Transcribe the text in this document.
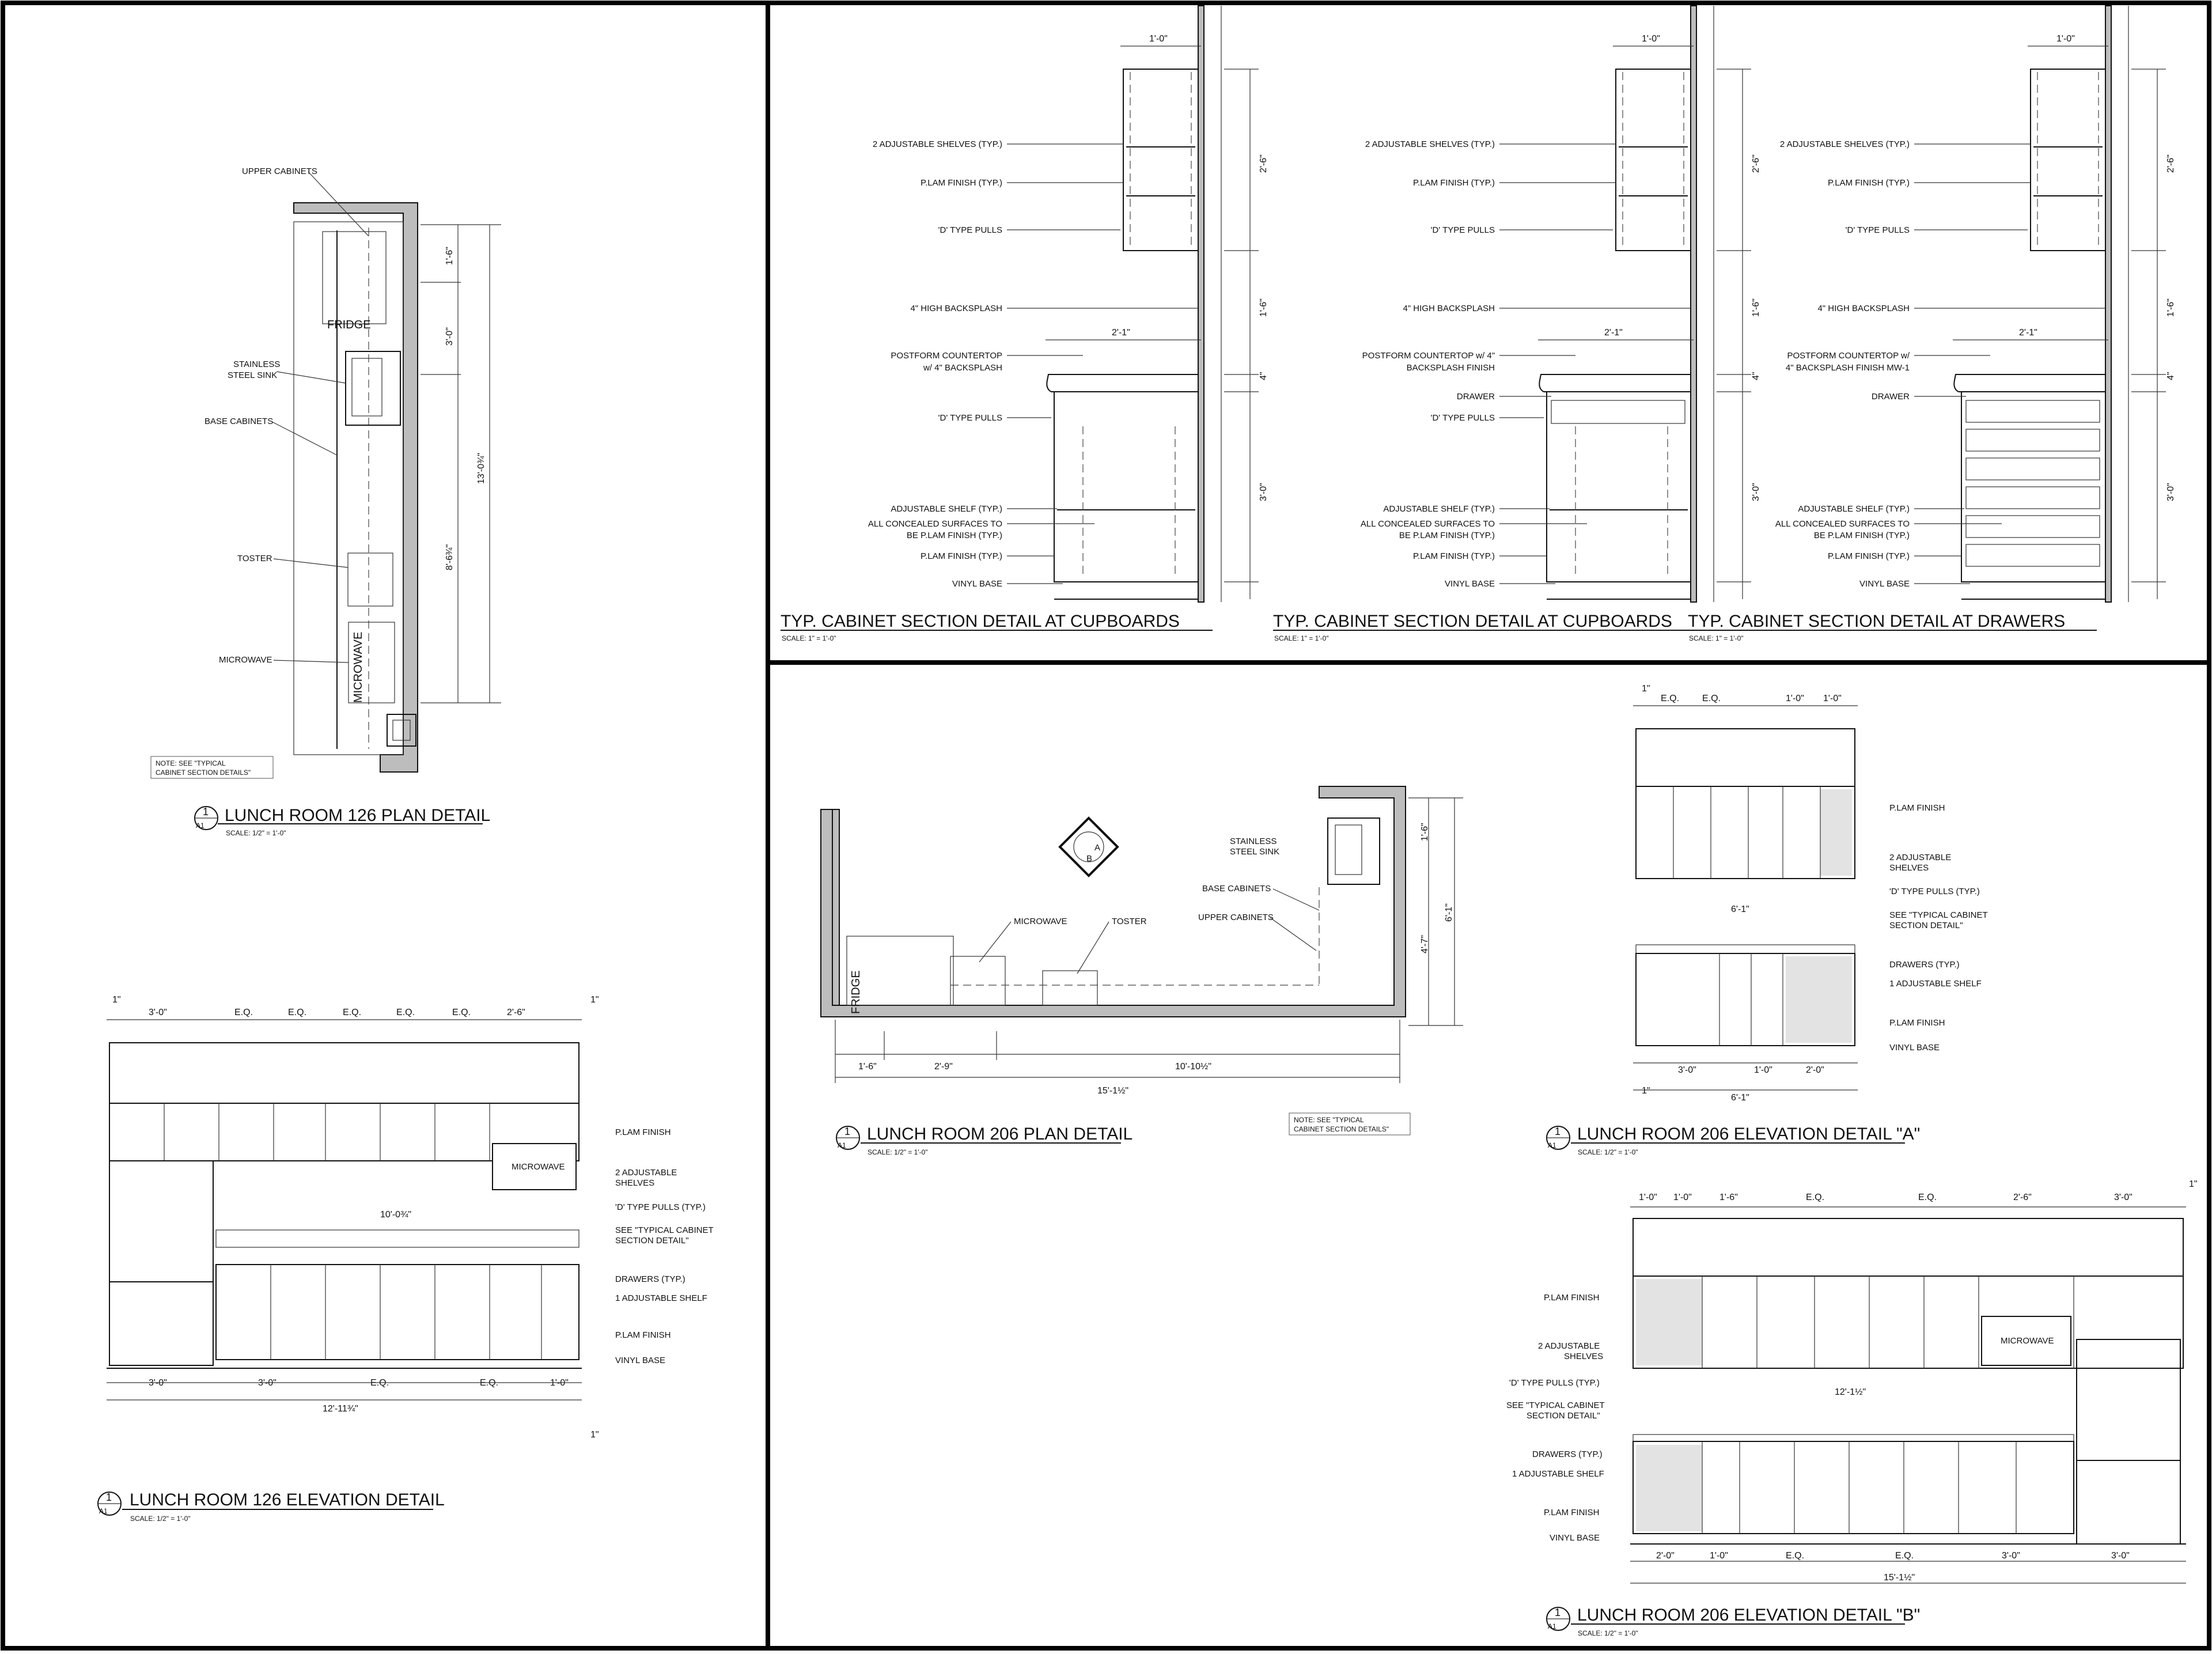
FRIDGE
MICROWAVE
UPPER CABINETS
STAINLESS
STEEL SINK
BASE CABINETS
TOSTER
MICROWAVE
NOTE: SEE "TYPICAL
CABINET SECTION DETAILS"
1'-6"
3'-0"
8'-6¾"
13'-0¾"
1
A1
LUNCH ROOM 126 PLAN DETAIL
SCALE: 1/2" = 1'-0"
1"
3'-0"	E.Q.	E.Q.	E.Q.	E.Q.	E.Q.	2'-6"
1"
3'-0"	3'-0"	E.Q.	E.Q.	1'-0"
1"
MICROWAVE
10'-0¾"
12'-11¾"
P.LAM FINISH
2 ADJUSTABLE
SHELVES
'D' TYPE PULLS (TYP.)
SEE "TYPICAL CABINET
SECTION DETAIL"
DRAWERS (TYP.)
1 ADJUSTABLE SHELF
P.LAM FINISH
VINYL BASE
1
A1
LUNCH ROOM 126 ELEVATION DETAIL
SCALE: 1/2" = 1'-0"
2 ADJUSTABLE SHELVES (TYP.)
P.LAM FINISH (TYP.)
'D' TYPE PULLS
4" HIGH BACKSPLASH
POSTFORM COUNTERTOP
w/ 4" BACKSPLASH
ADJUSTABLE SHELF (TYP.)
ALL CONCEALED SURFACES TO
BE P.LAM FINISH (TYP.)
P.LAM FINISH (TYP.)
VINYL BASE
'D' TYPE PULLS
1'-0"
2'-1"
2'-6"
1'-6"
4"
3'-0"
TYP. CABINET SECTION DETAIL AT CUPBOARDS
SCALE: 1" = 1'-0"
2 ADJUSTABLE SHELVES (TYP.)
P.LAM FINISH (TYP.)
'D' TYPE PULLS
4" HIGH BACKSPLASH
POSTFORM COUNTERTOP w/ 4"
BACKSPLASH FINISH
ADJUSTABLE SHELF (TYP.)
ALL CONCEALED SURFACES TO
BE P.LAM FINISH (TYP.)
P.LAM FINISH (TYP.)
VINYL BASE
DRAWER
'D' TYPE PULLS
1'-0"
2'-1"
2'-6"
1'-6"
4"
3'-0"
TYP. CABINET SECTION DETAIL AT CUPBOARDS
SCALE: 1" = 1'-0"
2 ADJUSTABLE SHELVES (TYP.)
P.LAM FINISH (TYP.)
'D' TYPE PULLS
4" HIGH BACKSPLASH
POSTFORM COUNTERTOP w/
4" BACKSPLASH FINISH MW-1
ADJUSTABLE SHELF (TYP.)
ALL CONCEALED SURFACES TO
BE P.LAM FINISH (TYP.)
P.LAM FINISH (TYP.)
VINYL BASE
DRAWER
1'-0"
2'-1"
2'-6"
1'-6"
4"
3'-0"
TYP. CABINET SECTION DETAIL AT DRAWERS
SCALE: 1" = 1'-0"
FRIDGE
A
B
STAINLESS
STEEL SINK
BASE CABINETS
UPPER CABINETS
MICROWAVE	TOSTER
NOTE: SEE "TYPICAL
CABINET SECTION DETAILS"
1'-6"	2'-9"	10'-10½"
15'-1½"
1'-6"
4'-7"
6'-1"
1
A1
LUNCH ROOM 206 PLAN DETAIL
SCALE: 1/2" = 1'-0"
1"
E.Q. E.Q.	1'-0" 1'-0"
6'-1"
3'-0"	1'-0"	2'-0"
6'-1"
1"
P.LAM FINISH
2 ADJUSTABLE
SHELVES
'D' TYPE PULLS (TYP.)
SEE "TYPICAL CABINET
SECTION DETAIL"
DRAWERS (TYP.)
1 ADJUSTABLE SHELF
P.LAM FINISH
VINYL BASE
1
A1
LUNCH ROOM 206 ELEVATION DETAIL "A"
SCALE: 1/2" = 1'-0"
1'-0" 1'-0"	1'-6"	E.Q.	E.Q.	2'-6"	3'-0"
1"
MICROWAVE
12'-1½"
2'-0"	1'-0"	E.Q.	E.Q.	3'-0"	3'-0"
15'-1½"
P.LAM FINISH
2 ADJUSTABLE
SHELVES
'D' TYPE PULLS (TYP.)
SEE "TYPICAL CABINET
SECTION DETAIL"
DRAWERS (TYP.)
1 ADJUSTABLE SHELF
P.LAM FINISH
VINYL BASE
1
A1
LUNCH ROOM 206 ELEVATION DETAIL "B"
SCALE: 1/2" = 1'-0"
